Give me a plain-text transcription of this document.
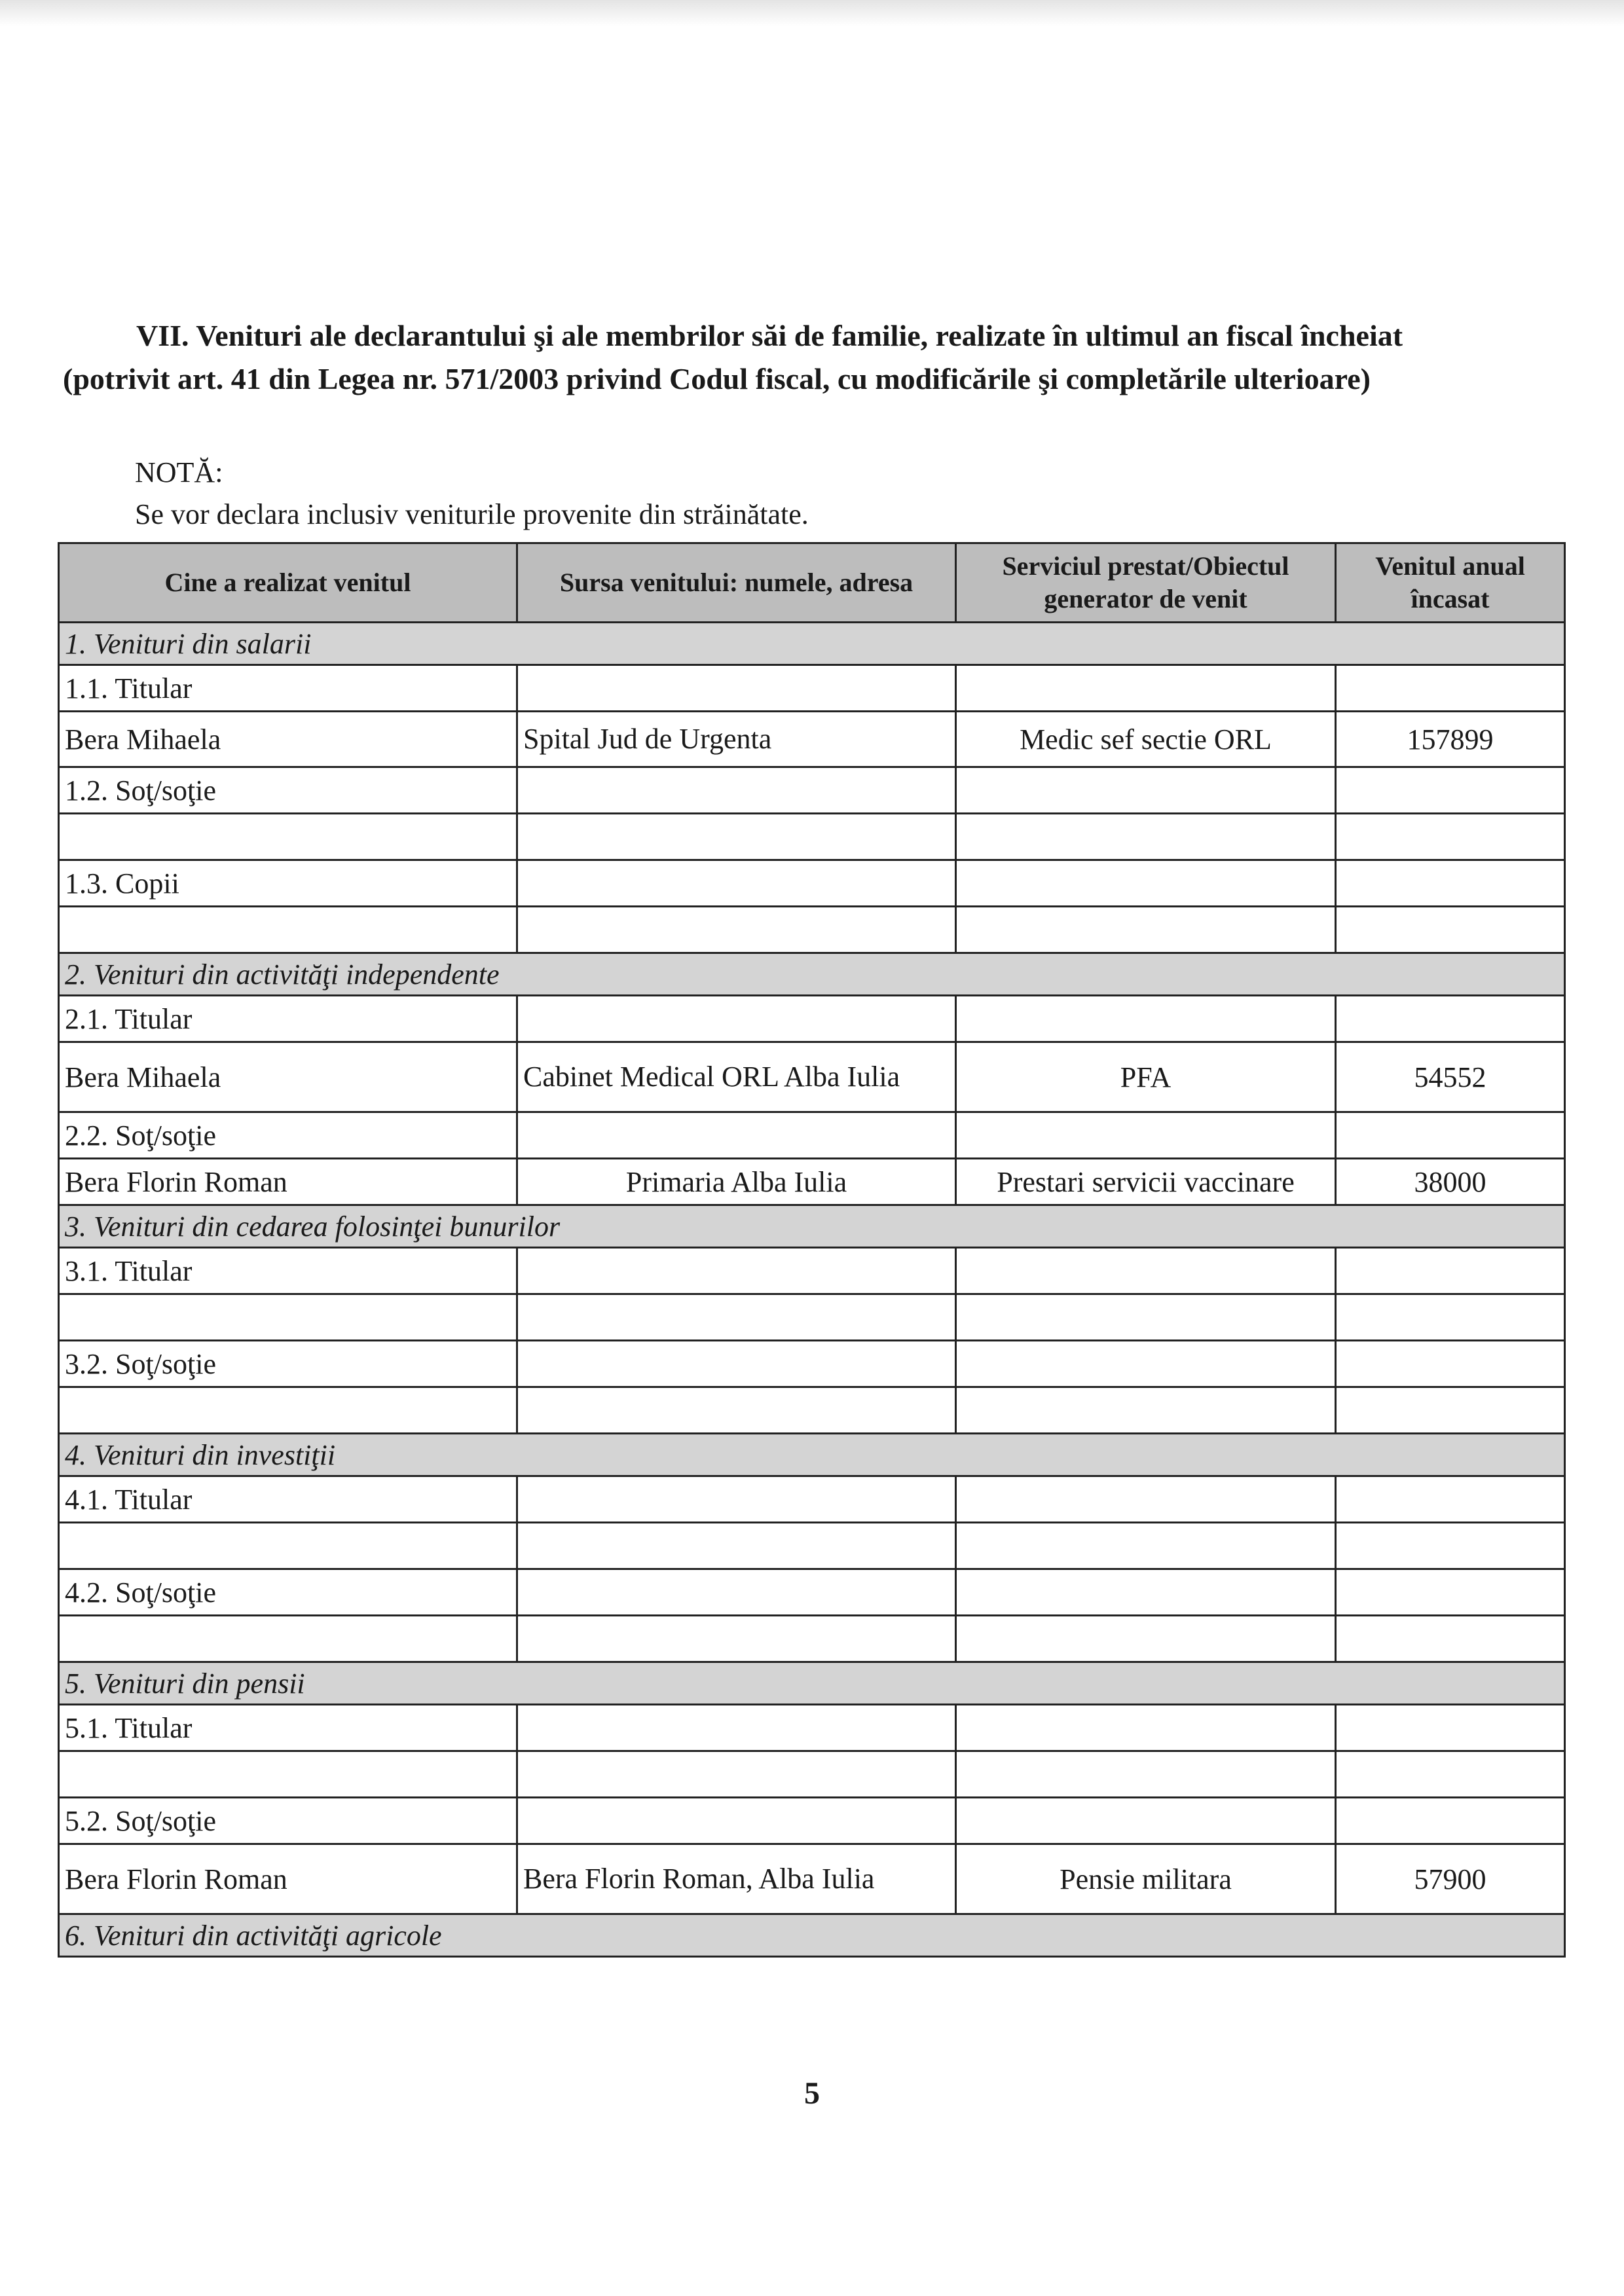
VII. Venituri ale declarantului şi ale membrilor săi de familie, realizate în ultimul an fiscal încheiat
(potrivit art. 41 din Legea nr. 571/2003 privind Codul fiscal, cu modificările şi completările ulterioare)
NOTĂ:
Se vor declara inclusiv veniturile provenite din străinătate.
Cine a realizat venitul	Sursa venitului: numele, adresa	Serviciul prestat/Obiectul generator de venit	Venitul anual încasat
1. Venituri din salarii			
1.1. Titular			
Bera Mihaela	Spital Jud de Urgenta	Medic sef sectie ORL	157899
1.2. Soţ/soţie			

1.3. Copii			

2. Venituri din activităţi independente			
2.1. Titular			
Bera Mihaela	Cabinet Medical ORL Alba Iulia	PFA	54552
2.2. Soţ/soţie			
Bera Florin Roman	Primaria Alba Iulia	Prestari servicii vaccinare	38000
3. Venituri din cedarea folosinţei bunurilor			
3.1. Titular			

3.2. Soţ/soţie			

4. Venituri din investiţii			
4.1. Titular			

4.2. Soţ/soţie			

5. Venituri din pensii			
5.1. Titular			

5.2. Soţ/soţie			
Bera Florin Roman	Bera Florin Roman, Alba Iulia	Pensie militara	57900
6. Venituri din activităţi agricole			
5
